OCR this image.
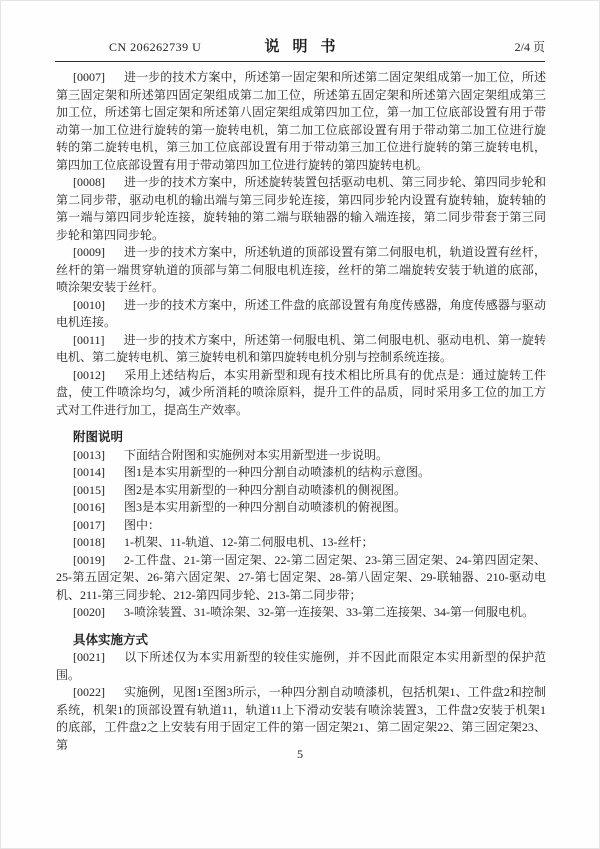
CN 206262739 U	说明书	2/4 页

[0007] 进一步的技术方案中，所述第一固定架和所述第二固定架组成第一加工位，所述第三固定架和所述第四固定架组成第二加工位，所述第五固定架和所述第六固定架组成第三加工位，所述第七固定架和所述第八固定架组成第四加工位，第一加工位底部设置有用于带动第一加工位进行旋转的第一旋转电机，第二加工位底部设置有用于带动第二加工位进行旋转的第二旋转电机，第三加工位底部设置有用于带动第三加工位进行旋转的第三旋转电机，第四加工位底部设置有用于带动第四加工位进行旋转的第四旋转电机。

[0008] 进一步的技术方案中，所述旋转装置包括驱动电机、第三同步轮、第四同步轮和第二同步带，驱动电机的输出端与第三同步轮连接，第四同步轮内设置有旋转轴，旋转轴的第一端与第四同步轮连接，旋转轴的第二端与联轴器的输入端连接，第二同步带套于第三同步轮和第四同步轮。

[0009] 进一步的技术方案中，所述轨道的顶部设置有第二伺服电机，轨道设置有丝杆，丝杆的第一端贯穿轨道的顶部与第二伺服电机连接，丝杆的第二端旋转安装于轨道的底部，喷涂架安装于丝杆。

[0010] 进一步的技术方案中，所述工件盘的底部设置有角度传感器，角度传感器与驱动电机连接。

[0011] 进一步的技术方案中，所述第一伺服电机、第二伺服电机、驱动电机、第一旋转电机、第二旋转电机、第三旋转电机和第四旋转电机分别与控制系统连接。

[0012] 采用上述结构后，本实用新型和现有技术相比所具有的优点是：通过旋转工件盘，使工件喷涂均匀，减少所消耗的喷涂原料，提升工件的品质，同时采用多工位的加工方式对工件进行加工，提高生产效率。

附图说明

[0013] 下面结合附图和实施例对本实用新型进一步说明。

[0014] 图1是本实用新型的一种四分割自动喷漆机的结构示意图。

[0015] 图2是本实用新型的一种四分割自动喷漆机的侧视图。

[0016] 图3是本实用新型的一种四分割自动喷漆机的俯视图。

[0017] 图中：

[0018] 1-机架、11-轨道、12-第二伺服电机、13-丝杆；

[0019] 2-工件盘、21-第一固定架、22-第二固定架、23-第三固定架、24-第四固定架、25-第五固定架、26-第六固定架、27-第七固定架、28-第八固定架、29-联轴器、210-驱动电机、211-第三同步轮、212-第四同步轮、213-第二同步带；

[0020] 3-喷涂装置、31-喷涂架、32-第一连接架、33-第二连接架、34-第一伺服电机。

具体实施方式

[0021] 以下所述仅为本实用新型的较佳实施例，并不因此而限定本实用新型的保护范围。

[0022] 实施例，见图1至图3所示，一种四分割自动喷漆机，包括机架1、工件盘2和控制系统，机架1的顶部设置有轨道11，轨道11上下滑动安装有喷涂装置3，工件盘2安装于机架1的底部，工件盘2之上安装有用于固定工件的第一固定架21、第二固定架22、第三固定架23、第

5
